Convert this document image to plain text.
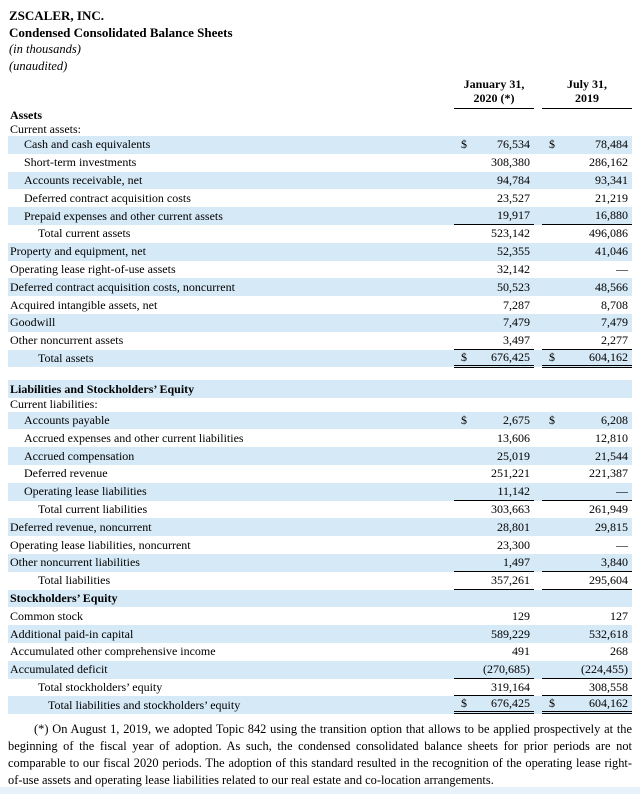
ZSCALER, INC.
Condensed Consolidated Balance Sheets
(in thousands)
(unaudited)
January 31,
2020 (*)
July 31,
2019
Assets
Current assets:
Cash and cash equivalents	$	76,534 $	78,484
Short-term investments	308,380	286,162
Accounts receivable, net	94,784	93,341
Deferred contract acquisition costs	23,527	21,219
Prepaid expenses and other current assets	19,917	16,880
Total current assets	523,142	496,086
Property and equipment, net	52,355	41,046
Operating lease right-of-use assets	32,142	—
Deferred contract acquisition costs, noncurrent	50,523	48,566
Acquired intangible assets, net	7,287	8,708
Goodwill	7,479	7,479
Other noncurrent assets	3,497	2,277
Total assets	$ 676,425 $	604,162
Liabilities and Stockholders’ Equity
Current liabilities:
Accounts payable	$	2,675 $	6,208
Accrued expenses and other current liabilities	13,606	12,810
Accrued compensation	25,019	21,544
Deferred revenue	251,221	221,387
Operating lease liabilities	11,142	—
Total current liabilities	303,663	261,949
Deferred revenue, noncurrent	28,801	29,815
Operating lease liabilities, noncurrent	23,300	—
Other noncurrent liabilities	1,497	3,840
Total liabilities	357,261	295,604
Stockholders’ Equity
Common stock	129	127
Additional paid-in capital	589,229	532,618
Accumulated other comprehensive income	491	268
Accumulated deficit	(270,685)	(224,455)
Total stockholders’ equity	319,164	308,558
Total liabilities and stockholders’ equity	$ 676,425 $	604,162

(*) On August 1, 2019, we adopted Topic 842 using the transition option that allows to be applied prospectively at the beginning of the fiscal year of adoption. As such, the condensed consolidated balance sheets for prior periods are not comparable to our fiscal 2020 periods. The adoption of this standard resulted in the recognition of the operating lease right-of-use assets and operating lease liabilities related to our real estate and co-location arrangements.
